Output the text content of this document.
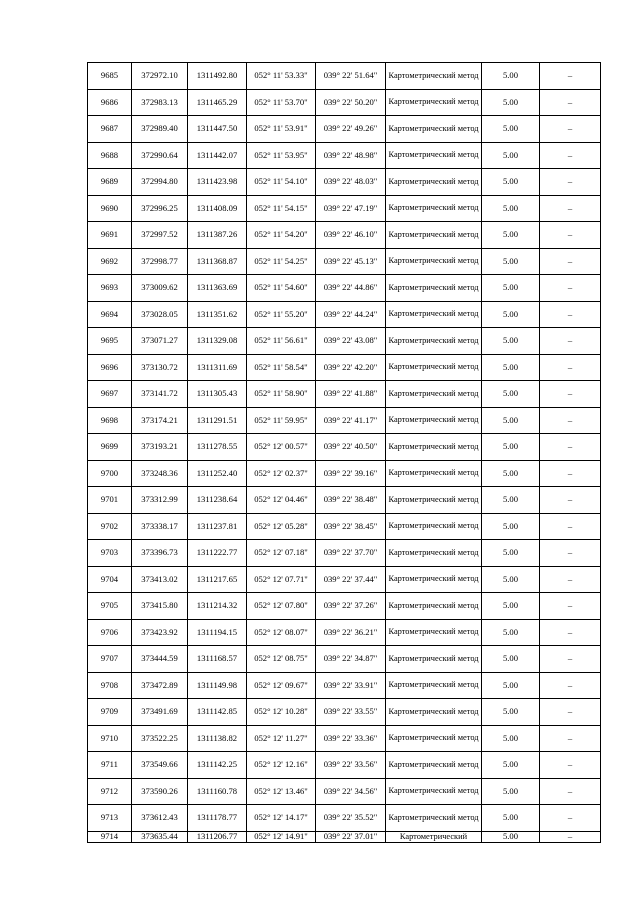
9685	372972.10	1311492.80	052° 11' 53.33"	039° 22' 51.64"	Картометрический метод	5.00	–
9686	372983.13	1311465.29	052° 11' 53.70"	039° 22' 50.20"	Картометрический метод	5.00	–
9687	372989.40	1311447.50	052° 11' 53.91"	039° 22' 49.26"	Картометрический метод	5.00	–
9688	372990.64	1311442.07	052° 11' 53.95"	039° 22' 48.98"	Картометрический метод	5.00	–
9689	372994.80	1311423.98	052° 11' 54.10"	039° 22' 48.03"	Картометрический метод	5.00	–
9690	372996.25	1311408.09	052° 11' 54.15"	039° 22' 47.19"	Картометрический метод	5.00	–
9691	372997.52	1311387.26	052° 11' 54.20"	039° 22' 46.10"	Картометрический метод	5.00	–
9692	372998.77	1311368.87	052° 11' 54.25"	039° 22' 45.13"	Картометрический метод	5.00	–
9693	373009.62	1311363.69	052° 11' 54.60"	039° 22' 44.86"	Картометрический метод	5.00	–
9694	373028.05	1311351.62	052° 11' 55.20"	039° 22' 44.24"	Картометрический метод	5.00	–
9695	373071.27	1311329.08	052° 11' 56.61"	039° 22' 43.08"	Картометрический метод	5.00	–
9696	373130.72	1311311.69	052° 11' 58.54"	039° 22' 42.20"	Картометрический метод	5.00	–
9697	373141.72	1311305.43	052° 11' 58.90"	039° 22' 41.88"	Картометрический метод	5.00	–
9698	373174.21	1311291.51	052° 11' 59.95"	039° 22' 41.17"	Картометрический метод	5.00	–
9699	373193.21	1311278.55	052° 12' 00.57"	039° 22' 40.50"	Картометрический метод	5.00	–
9700	373248.36	1311252.40	052° 12' 02.37"	039° 22' 39.16"	Картометрический метод	5.00	–
9701	373312.99	1311238.64	052° 12' 04.46"	039° 22' 38.48"	Картометрический метод	5.00	–
9702	373338.17	1311237.81	052° 12' 05.28"	039° 22' 38.45"	Картометрический метод	5.00	–
9703	373396.73	1311222.77	052° 12' 07.18"	039° 22' 37.70"	Картометрический метод	5.00	–
9704	373413.02	1311217.65	052° 12' 07.71"	039° 22' 37.44"	Картометрический метод	5.00	–
9705	373415.80	1311214.32	052° 12' 07.80"	039° 22' 37.26"	Картометрический метод	5.00	–
9706	373423.92	1311194.15	052° 12' 08.07"	039° 22' 36.21"	Картометрический метод	5.00	–
9707	373444.59	1311168.57	052° 12' 08.75"	039° 22' 34.87"	Картометрический метод	5.00	–
9708	373472.89	1311149.98	052° 12' 09.67"	039° 22' 33.91"	Картометрический метод	5.00	–
9709	373491.69	1311142.85	052° 12' 10.28"	039° 22' 33.55"	Картометрический метод	5.00	–
9710	373522.25	1311138.82	052° 12' 11.27"	039° 22' 33.36"	Картометрический метод	5.00	–
9711	373549.66	1311142.25	052° 12' 12.16"	039° 22' 33.56"	Картометрический метод	5.00	–
9712	373590.26	1311160.78	052° 12' 13.46"	039° 22' 34.56"	Картометрический метод	5.00	–
9713	373612.43	1311178.77	052° 12' 14.17"	039° 22' 35.52"	Картометрический метод	5.00	–
9714	373635.44	1311206.77	052° 12' 14.91"	039° 22' 37.01"	Картометрический	5.00	–
